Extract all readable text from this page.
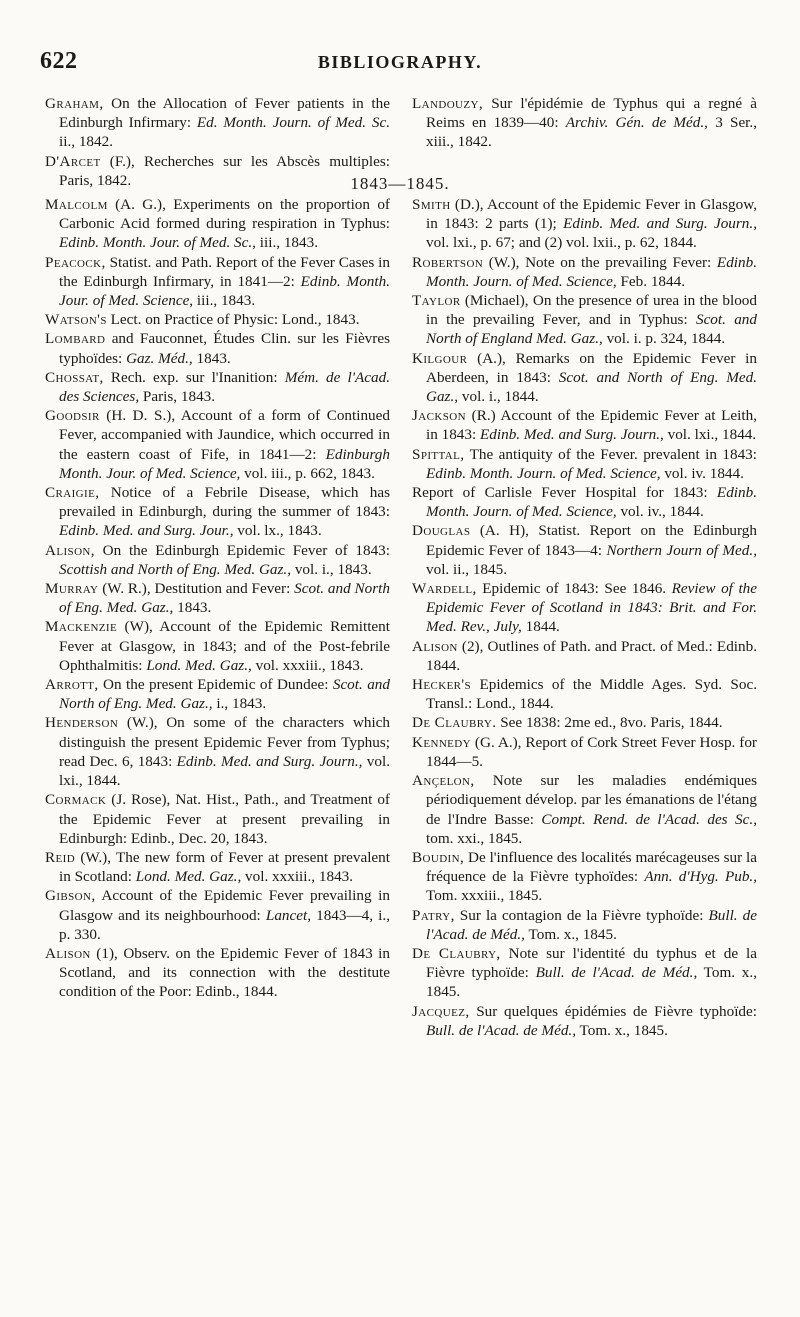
622	BIBLIOGRAPHY.

Graham, On the Allocation of Fever patients in the Edinburgh Infirmary: Ed. Month. Journ. of Med. Sc. ii., 1842.

D'Arcet (F.), Recherches sur les Abscès multiples: Paris, 1842.

Landouzy, Sur l'épidémie de Typhus qui a regné à Reims en 1839—40: Archiv. Gén. de Méd., 3 Ser., xiii., 1842.

1843—1845.

Malcolm (A. G.), Experiments on the proportion of Carbonic Acid formed during respiration in Typhus: Edinb. Month. Jour. of Med. Sc., iii., 1843.

Peacock, Statist. and Path. Report of the Fever Cases in the Edinburgh Infirmary, in 1841—2: Edinb. Month. Jour. of Med. Science, iii., 1843.

Watson's Lect. on Practice of Physic: Lond., 1843.

Lombard and Fauconnet, Études Clin. sur les Fièvres typhoïdes: Gaz. Méd., 1843.

Chossat, Rech. exp. sur l'Inanition: Mém. de l'Acad. des Sciences, Paris, 1843.

Goodsir (H. D. S.), Account of a form of Continued Fever, accompanied with Jaundice, which occurred in the eastern coast of Fife, in 1841—2: Edinburgh Month. Jour. of Med. Science, vol. iii., p. 662, 1843.

Craigie, Notice of a Febrile Disease, which has prevailed in Edinburgh, during the summer of 1843: Edinb. Med. and Surg. Jour., vol. lx., 1843.

Alison, On the Edinburgh Epidemic Fever of 1843: Scottish and North of Eng. Med. Gaz., vol. i., 1843.

Murray (W. R.), Destitution and Fever: Scot. and North of Eng. Med. Gaz., 1843.

Mackenzie (W), Account of the Epidemic Remittent Fever at Glasgow, in 1843; and of the Post-febrile Ophthalmitis: Lond. Med. Gaz., vol. xxxiii., 1843.

Arrott, On the present Epidemic of Dundee: Scot. and North of Eng. Med. Gaz., i., 1843.

Henderson (W.), On some of the characters which distinguish the present Epidemic Fever from Typhus; read Dec. 6, 1843: Edinb. Med. and Surg. Journ., vol. lxi., 1844.

Cormack (J. Rose), Nat. Hist., Path., and Treatment of the Epidemic Fever at present prevailing in Edinburgh: Edinb., Dec. 20, 1843.

Reid (W.), The new form of Fever at present prevalent in Scotland: Lond. Med. Gaz., vol. xxxiii., 1843.

Gibson, Account of the Epidemic Fever prevailing in Glasgow and its neighbourhood: Lancet, 1843—4, i., p. 330.

Alison (1), Observ. on the Epidemic Fever of 1843 in Scotland, and its connection with the destitute condition of the Poor: Edinb., 1844.

Smith (D.), Account of the Epidemic Fever in Glasgow, in 1843: 2 parts (1); Edinb. Med. and Surg. Journ., vol. lxi., p. 67; and (2) vol. lxii., p. 62, 1844.

Robertson (W.), Note on the prevailing Fever: Edinb. Month. Journ. of Med. Science, Feb. 1844.

Taylor (Michael), On the presence of urea in the blood in the prevailing Fever, and in Typhus: Scot. and North of England Med. Gaz., vol. i. p. 324, 1844.

Kilgour (A.), Remarks on the Epidemic Fever in Aberdeen, in 1843: Scot. and North of Eng. Med. Gaz., vol. i., 1844.

Jackson (R.) Account of the Epidemic Fever at Leith, in 1843: Edinb. Med. and Surg. Journ., vol. lxi., 1844.

Spittal, The antiquity of the Fever. prevalent in 1843: Edinb. Month. Journ. of Med. Science, vol. iv. 1844.

Report of Carlisle Fever Hospital for 1843: Edinb. Month. Journ. of Med. Science, vol. iv., 1844.

Douglas (A. H), Statist. Report on the Edinburgh Epidemic Fever of 1843—4: Northern Journ of Med., vol. ii., 1845.

Wardell, Epidemic of 1843: See 1846. Review of the Epidemic Fever of Scotland in 1843: Brit. and For. Med. Rev., July, 1844.

Alison (2), Outlines of Path. and Pract. of Med.: Edinb. 1844.

Hecker's Epidemics of the Middle Ages. Syd. Soc. Transl.: Lond., 1844.

De Claubry. See 1838: 2me ed., 8vo. Paris, 1844.

Kennedy (G. A.), Report of Cork Street Fever Hosp. for 1844—5.

Ançelon, Note sur les maladies endémiques périodiquement dévelop. par les émanations de l'étang de l'Indre Basse: Compt. Rend. de l'Acad. des Sc., tom. xxi., 1845.

Boudin, De l'influence des localités marécageuses sur la fréquence de la Fièvre typhoïdes: Ann. d'Hyg. Pub., Tom. xxxiii., 1845.

Patry, Sur la contagion de la Fièvre typhoïde: Bull. de l'Acad. de Méd., Tom. x., 1845.

De Claubry, Note sur l'identité du typhus et de la Fièvre typhoïde: Bull. de l'Acad. de Méd., Tom. x., 1845.

Jacquez, Sur quelques épidémies de Fièvre typhoïde: Bull. de l'Acad. de Méd., Tom. x., 1845.
